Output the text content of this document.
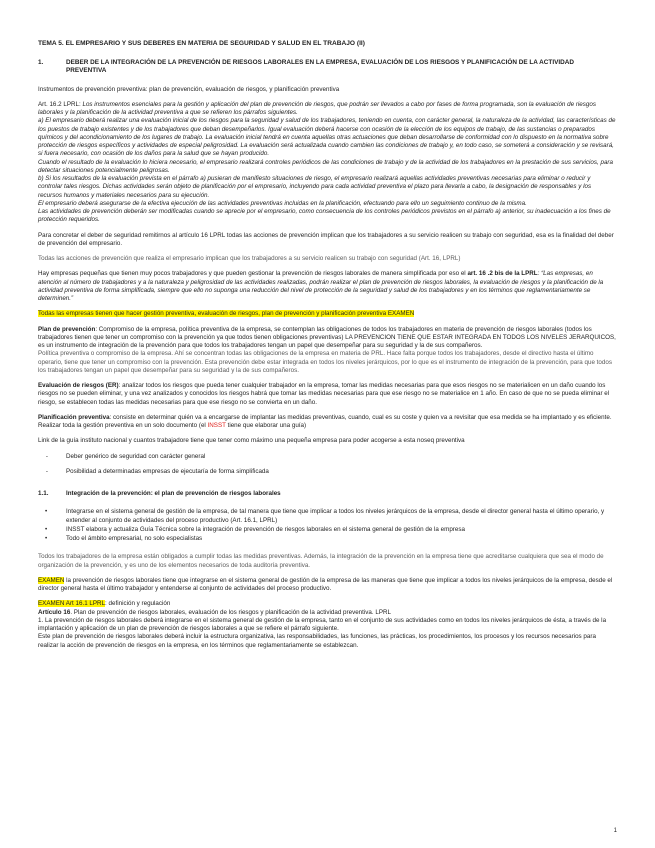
TEMA 5. EL EMPRESARIO Y SUS DEBERES EN MATERIA DE SEGURIDAD Y SALUD EN EL TRABAJO (II)

1.	DEBER DE LA INTEGRACIÓN DE LA PREVENCIÓN DE RIESGOS LABORALES EN LA EMPRESA, EVALUACIÓN DE LOS RIESGOS Y PLANIFICACIÓN DE LA ACTIVIDAD PREVENTIVA

Instrumentos de prevención preventiva: plan de prevención, evaluación de riesgos, y planificación preventiva

Art. 16.2 LPRL: Los instrumentos esenciales para la gestión y aplicación del plan de prevención de riesgos, que podrán ser llevados a cabo por fases de forma programada, son la evaluación de riesgos laborales y la planificación de la actividad preventiva a que se refieren los párrafos siguientes.

a) El empresario deberá realizar una evaluación inicial de los riesgos para la seguridad y salud de los trabajadores, teniendo en cuenta, con carácter general, la naturaleza de la actividad, las características de los puestos de trabajo existentes y de los trabajadores que deban desempeñarlos. Igual evaluación deberá hacerse con ocasión de la elección de los equipos de trabajo, de las sustancias o preparados químicos y del acondicionamiento de los lugares de trabajo. La evaluación inicial tendrá en cuenta aquellas otras actuaciones que deban desarrollarse de conformidad con lo dispuesto en la normativa sobre protección de riesgos específicos y actividades de especial peligrosidad. La evaluación será actualizada cuando cambien las condiciones de trabajo y, en todo caso, se someterá a consideración y se revisará, si fuera necesario, con ocasión de los daños para la salud que se hayan producido.

Cuando el resultado de la evaluación lo hiciera necesario, el empresario realizará controles periódicos de las condiciones de trabajo y de la actividad de los trabajadores en la prestación de sus servicios, para detectar situaciones potencialmente peligrosas.

b) Si los resultados de la evaluación prevista en el párrafo a) pusieran de manifiesto situaciones de riesgo, el empresario realizará aquellas actividades preventivas necesarias para eliminar o reducir y controlar tales riesgos. Dichas actividades serán objeto de planificación por el empresario, incluyendo para cada actividad preventiva el plazo para llevarla a cabo, la designación de responsables y los recursos humanos y materiales necesarios para su ejecución.

El empresario deberá asegurarse de la efectiva ejecución de las actividades preventivas incluidas en la planificación, efectuando para ello un seguimiento continuo de la misma.

Las actividades de prevención deberán ser modificadas cuando se aprecie por el empresario, como consecuencia de los controles periódicos previstos en el párrafo a) anterior, su inadecuación a los fines de protección requeridos.

Para concretar el deber de seguridad remitirnos al artículo 16 LPRL todas las acciones de prevención implican que los trabajadores a su servicio realicen su trabajo con seguridad, esa es la finalidad del deber de prevención del empresario.

Todas las acciones de prevención que realiza el empresario implican que los trabajadores a su servicio realicen su trabajo con seguridad (Art. 16, LPRL)

Hay empresas pequeñas que tienen muy pocos trabajadores y que pueden gestionar la prevención de riesgos laborales de manera simplificada por eso el art. 16 .2 bis de la LPRL: “Las empresas, en atención al número de trabajadores y a la naturaleza y peligrosidad de las actividades realizadas, podrán realizar el plan de prevención de riesgos laborales, la evaluación de riesgos y la planificación de la actividad preventiva de forma simplificada, siempre que ello no suponga una reducción del nivel de protección de la seguridad y salud de los trabajadores y en los términos que reglamentariamente se determinen.”

Todas las empresas tienen que hacer gestión preventiva, evaluación de riesgos, plan de prevención y planificación preventiva EXAMEN

Plan de prevención: Compromiso de la empresa, política preventiva de la empresa, se contemplan las obligaciones de todos los trabajadores en materia de prevención de riesgos laborales (todos los trabajadores tienen que tener un compromiso con la prevención ya que todos tienen obligaciones preventivas) LA PREVENCION TIENE QUE ESTAR INTEGRADA EN TODOS LOS NIVELES JERARQUICOS, es un instrumento de integración de la prevención para que todos los trabajadores tengan un papel que desempeñar para su seguridad y la de sus compañeros.

Política preventiva o compromiso de la empresa. Ahí se concentran todas las obligaciones de la empresa en materia de PRL. Hace falta porque todos los trabajadores, desde el directivo hasta el último operario, tiene que tener un compromiso con la prevención. Esta prevención debe estar integrada en todos los niveles jerárquicos, por lo que es el instrumento de integración de la prevención, para que todos los trabajadores tengan un papel que desempeñar para su seguridad y la de sus compañeros.

Evaluación de riesgos (ER): analizar todos los riesgos que pueda tener cualquier trabajador en la empresa, tomar las medidas necesarias para que esos riesgos no se materialicen en un daño cuando los riesgos no se pueden eliminar, y una vez analizados y conocidos los riesgos habrá que tomar las medidas necesarias para que ese riesgo no se materialice en 1 año. En caso de que no se pueda eliminar el riesgo, se establecen todas las medidas necesarias para que ese riesgo no se convierta en un daño.

Planificación preventiva: consiste en determinar quién va a encargarse de implantar las medidas preventivas, cuando, cual es su coste y quien va a revisitar que esa medida se ha implantado y es eficiente. Realizar toda la gestión preventiva en un solo documento (el INSST tiene que elaborar una guía)

Link de la guía instituto nacional y cuantos trabajadore tiene que tener como máximo una pequeña empresa para poder acogerse a esta noseq preventiva

- Deber genérico de seguridad con carácter general
- Posibilidad a determinadas empresas de ejecutaría de forma simplificada
1.1.	Integración de la prevención: el plan de prevención de riesgos laborales
• Integrarse en el sistema general de gestión de la empresa, de tal manera que tiene que implicar a todos los niveles jerárquicos de la empresa, desde el director general hasta el último operario, y extender al conjunto de actividades del proceso productivo (Art. 16.1, LPRL)
• INSST elabora y actualiza Guía Técnica sobre la integración de prevención de riesgos laborales en el sistema general de gestión de la empresa
• Todo el ámbito empresarial, no solo especialistas

Todos los trabajadores de la empresa están obligados a cumplir todas las medidas preventivas. Además, la integración de la prevención en la empresa tiene que acreditarse cualquiera que sea el modo de organización de la prevención, y es uno de los elementos necesarios de toda auditoría preventiva.

EXAMEN la prevención de riesgos laborales tiene que integrarse en el sistema general de gestión de la empresa de las maneras que tiene que implicar a todos los niveles jerárquicos de la empresa, desde el director general hasta el último trabajador y entenderse al conjunto de actividades del proceso productivo.

EXAMEN Art 16.1 LPRL: definición y regulación

Artículo 16. Plan de prevención de riesgos laborales, evaluación de los riesgos y planificación de la actividad preventiva. LPRL

1. La prevención de riesgos laborales deberá integrarse en el sistema general de gestión de la empresa, tanto en el conjunto de sus actividades como en todos los niveles jerárquicos de ésta, a través de la implantación y aplicación de un plan de prevención de riesgos laborales a que se refiere el párrafo siguiente.

Este plan de prevención de riesgos laborales deberá incluir la estructura organizativa, las responsabilidades, las funciones, las prácticas, los procedimientos, los procesos y los recursos necesarios para realizar la acción de prevención de riesgos en la empresa, en los términos que reglamentariamente se establezcan.

1
